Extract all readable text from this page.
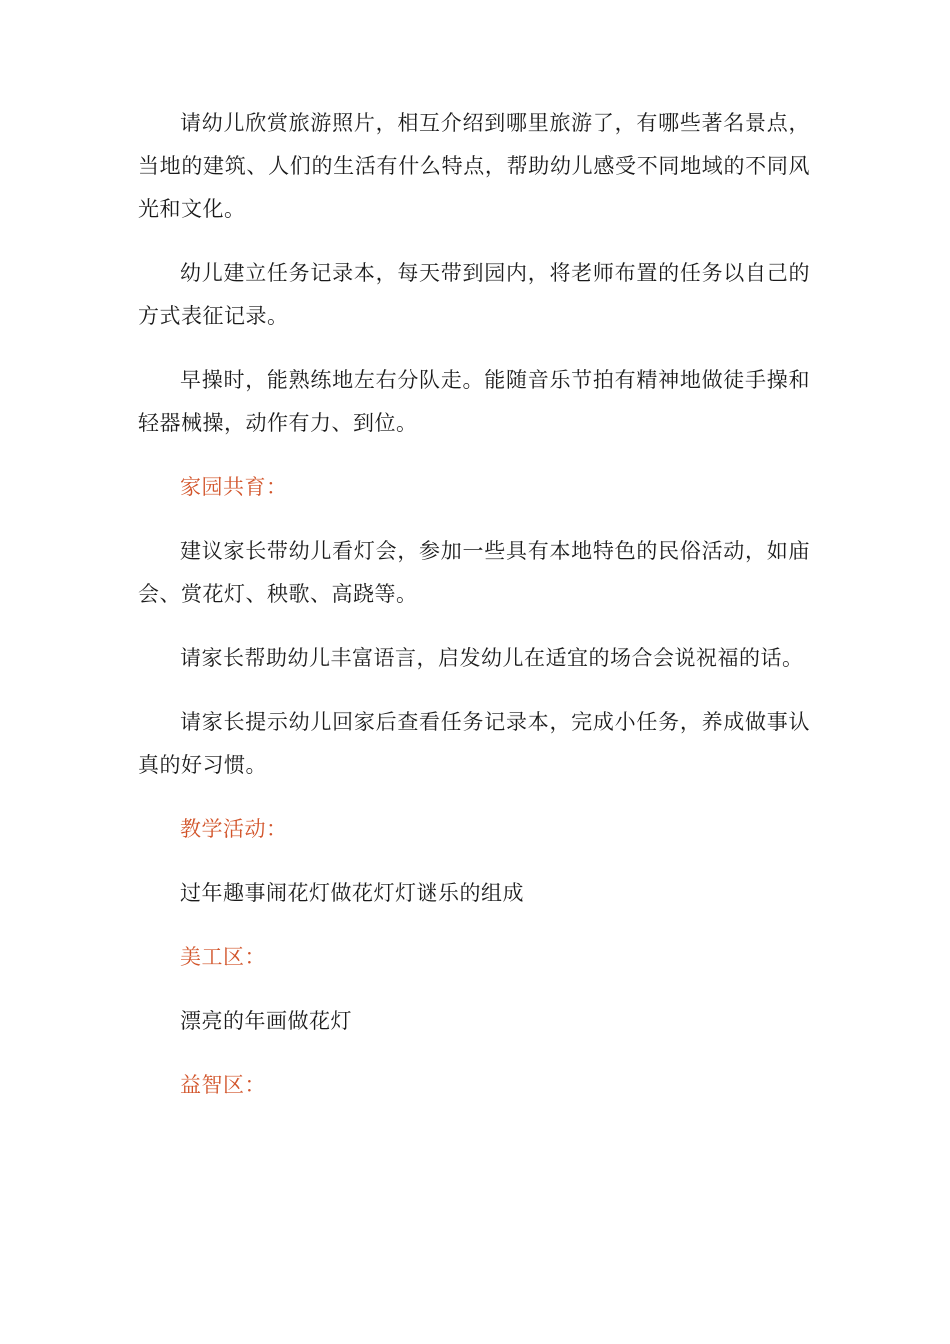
请幼儿欣赏旅游照片，相互介绍到哪里旅游了，有哪些著名景点，当地的建筑、人们的生活有什么特点，帮助幼儿感受不同地域的不同风光和文化。

幼儿建立任务记录本，每天带到园内，将老师布置的任务以自己的方式表征记录。

早操时，能熟练地左右分队走。能随音乐节拍有精神地做徒手操和轻器械操，动作有力、到位。

家园共育：

建议家长带幼儿看灯会，参加一些具有本地特色的民俗活动，如庙会、赏花灯、秧歌、高跷等。

请家长帮助幼儿丰富语言，启发幼儿在适宜的场合会说祝福的话。

请家长提示幼儿回家后查看任务记录本，完成小任务，养成做事认真的好习惯。

教学活动：

过年趣事闹花灯做花灯灯谜乐的组成

美工区：

漂亮的年画做花灯

益智区：
